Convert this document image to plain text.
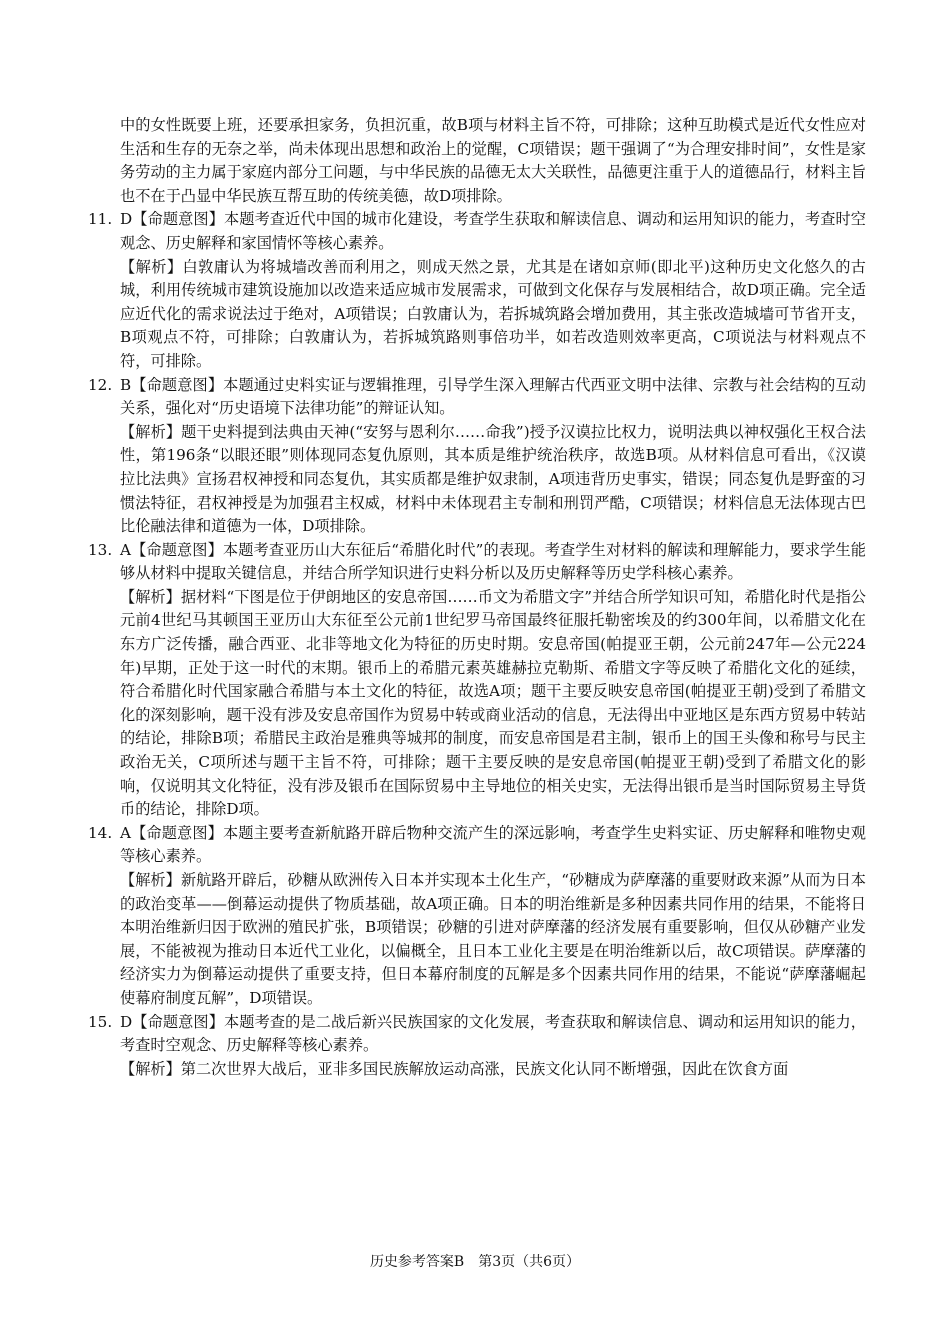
中的女性既要上班，还要承担家务，负担沉重，故B项与材料主旨不符，可排除；这种互助模式是近代女性应对生活和生存的无奈之举，尚未体现出思想和政治上的觉醒，C项错误；题干强调了“为合理安排时间”，女性是家务劳动的主力属于家庭内部分工问题，与中华民族的品德无太大关联性，品德更注重于人的道德品行，材料主旨也不在于凸显中华民族互帮互助的传统美德，故D项排除。

11. D【命题意图】本题考查近代中国的城市化建设，考查学生获取和解读信息、调动和运用知识的能力，考查时空观念、历史解释和家国情怀等核心素养。

【解析】白敦庸认为将城墙改善而利用之，则成天然之景，尤其是在诸如京师(即北平)这种历史文化悠久的古城，利用传统城市建筑设施加以改造来适应城市发展需求，可做到文化保存与发展相结合，故D项正确。完全适应近代化的需求说法过于绝对，A项错误；白敦庸认为，若拆城筑路会增加费用，其主张改造城墙可节省开支，B项观点不符，可排除；白敦庸认为，若拆城筑路则事倍功半，如若改造则效率更高，C项说法与材料观点不符，可排除。

12. B【命题意图】本题通过史料实证与逻辑推理，引导学生深入理解古代西亚文明中法律、宗教与社会结构的互动关系，强化对“历史语境下法律功能”的辩证认知。

【解析】题干史料提到法典由天神(“安努与恩利尔……命我”)授予汉谟拉比权力，说明法典以神权强化王权合法性，第196条“以眼还眼”则体现同态复仇原则，其本质是维护统治秩序，故选B项。从材料信息可看出，《汉谟拉比法典》宣扬君权神授和同态复仇，其实质都是维护奴隶制，A项违背历史事实，错误；同态复仇是野蛮的习惯法特征，君权神授是为加强君主权威，材料中未体现君主专制和刑罚严酷，C项错误；材料信息无法体现古巴比伦融法律和道德为一体，D项排除。

13. A【命题意图】本题考查亚历山大东征后“希腊化时代”的表现。考查学生对材料的解读和理解能力，要求学生能够从材料中提取关键信息，并结合所学知识进行史料分析以及历史解释等历史学科核心素养。

【解析】据材料“下图是位于伊朗地区的安息帝国……币文为希腊文字”并结合所学知识可知，希腊化时代是指公元前4世纪马其顿国王亚历山大东征至公元前1世纪罗马帝国最终征服托勒密埃及的约300年间，以希腊文化在东方广泛传播，融合西亚、北非等地文化为特征的历史时期。安息帝国(帕提亚王朝，公元前247年—公元224年)早期，正处于这一时代的末期。银币上的希腊元素英雄赫拉克勒斯、希腊文字等反映了希腊化文化的延续，符合希腊化时代国家融合希腊与本土文化的特征，故选A项；题干主要反映安息帝国(帕提亚王朝)受到了希腊文化的深刻影响，题干没有涉及安息帝国作为贸易中转或商业活动的信息，无法得出中亚地区是东西方贸易中转站的结论，排除B项；希腊民主政治是雅典等城邦的制度，而安息帝国是君主制，银币上的国王头像和称号与民主政治无关，C项所述与题干主旨不符，可排除；题干主要反映的是安息帝国(帕提亚王朝)受到了希腊文化的影响，仅说明其文化特征，没有涉及银币在国际贸易中主导地位的相关史实，无法得出银币是当时国际贸易主导货币的结论，排除D项。

14. A【命题意图】本题主要考查新航路开辟后物种交流产生的深远影响，考查学生史料实证、历史解释和唯物史观等核心素养。

【解析】新航路开辟后，砂糖从欧洲传入日本并实现本土化生产，“砂糖成为萨摩藩的重要财政来源”从而为日本的政治变革——倒幕运动提供了物质基础，故A项正确。日本的明治维新是多种因素共同作用的结果，不能将日本明治维新归因于欧洲的殖民扩张，B项错误；砂糖的引进对萨摩藩的经济发展有重要影响，但仅从砂糖产业发展，不能被视为推动日本近代工业化，以偏概全，且日本工业化主要是在明治维新以后，故C项错误。萨摩藩的经济实力为倒幕运动提供了重要支持，但日本幕府制度的瓦解是多个因素共同作用的结果，不能说“萨摩藩崛起使幕府制度瓦解”，D项错误。

15. D【命题意图】本题考查的是二战后新兴民族国家的文化发展，考查获取和解读信息、调动和运用知识的能力，考查时空观念、历史解释等核心素养。

【解析】第二次世界大战后，亚非多国民族解放运动高涨，民族文化认同不断增强，因此在饮食方面

历史参考答案B　第3页（共6页）
